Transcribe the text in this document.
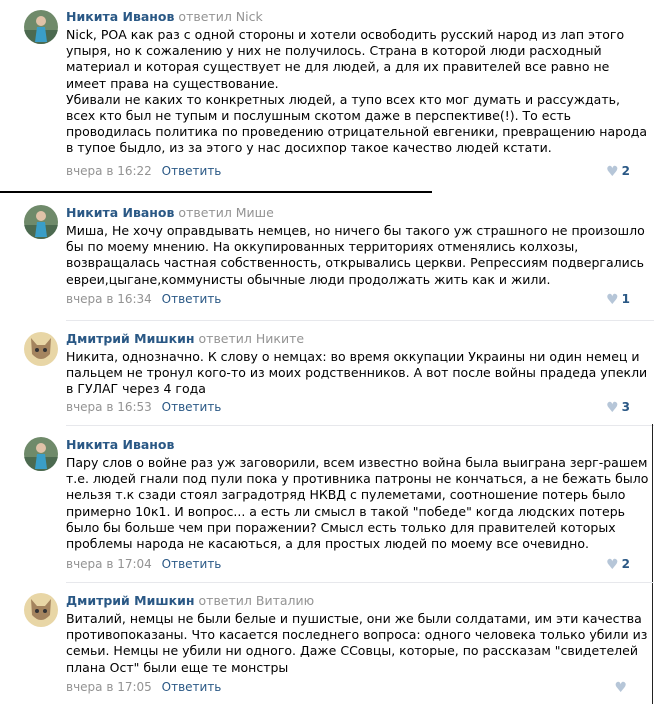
Никита Иванов ответил Nick

Nick, РОА как раз с одной стороны и хотели освободить русский народ из лап этого упыря, но к сожалению у них не получилось. Страна в которой люди расходный материал и которая существует не для людей, а для их правителей все равно не имеет права на существование.

Убивали не каких то конкретных людей, а тупо всех кто мог думать и рассуждать, всех кто был не тупым и послушным скотом даже в перспективе(!). То есть проводилась политика по проведению отрицательной евгеники, превращению народа в тупое быдло, из за этого у нас досихпор такое качество людей кстати.

вчера в 16:22 Ответить	♥ 2
Никита Иванов ответил Мише

Миша, Не хочу оправдывать немцев, но ничего бы такого уж страшного не произошло бы по моему мнению. На оккупированных территориях отменялись колхозы, возвращалась частная собственность, открывались церкви. Репрессиям подвергались евреи,цыгане,коммунисты обычные люди продолжать жить как и жили.

вчера в 16:34 Ответить	♥ 1
Дмитрий Мишкин ответил Никите

Никита, однозначно. К слову о немцах: во время оккупации Украины ни один немец и пальцем не тронул кого-то из моих родственников. А вот после войны прадеда упекли в ГУЛАГ через 4 года

вчера в 16:53 Ответить	♥ 3
Никита Иванов

Пару слов о войне раз уж заговорили, всем известно война была выиграна зерг-рашем т.е. людей гнали под пули пока у противника патроны не кончаться, а не бежать было нельзя т.к сзади стоял заградотряд НКВД с пулеметами, соотношение потерь было примерно 10к1. И вопрос... а есть ли смысл в такой "победе" когда людских потерь было бы больше чем при поражении? Смысл есть только для правителей которых проблемы народа не касаються, а для простых людей по моему все очевидно.

вчера в 17:04 Ответить	♥ 2
Дмитрий Мишкин ответил Виталию

Виталий, немцы не были белые и пушистые, они же были солдатами, им эти качества противопоказаны. Что касается последнего вопроса: одного человека только убили из семьи. Немцы не убили ни одного. Даже ССовцы, которые, по рассказам "свидетелей плана Ост" были еще те монстры

вчера в 17:05 Ответить	♥
